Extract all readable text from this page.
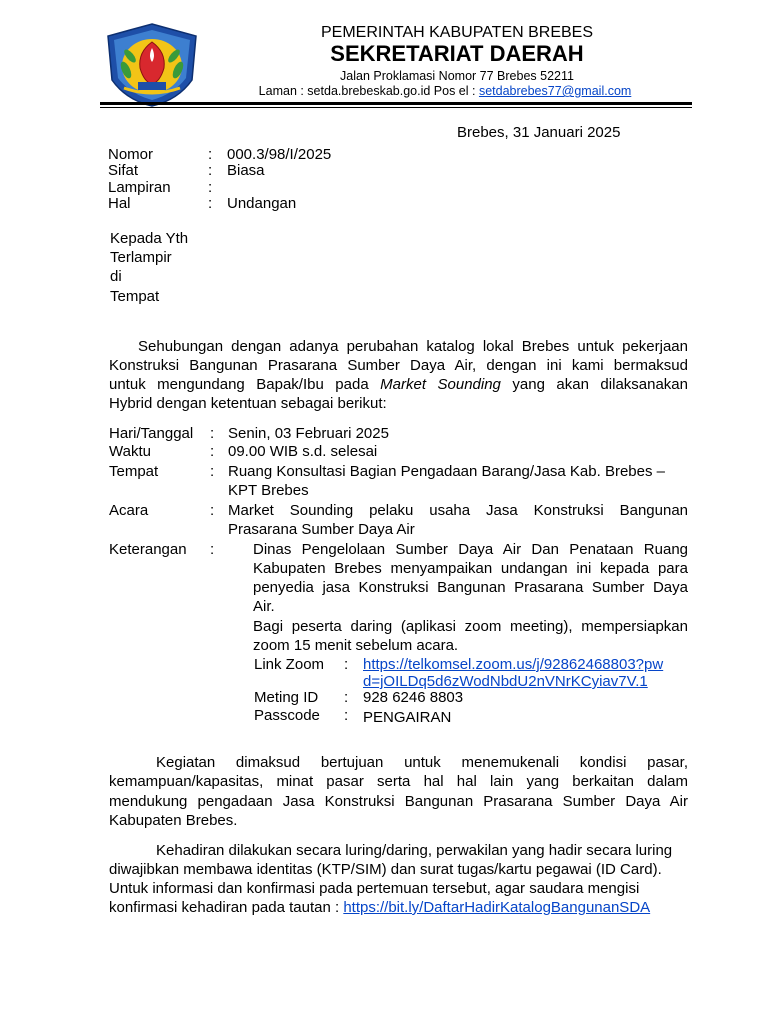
PEMERINTAH KABUPATEN BREBES
SEKRETARIAT DAERAH
Jalan Proklamasi Nomor 77 Brebes 52211
Laman : setda.brebeskab.go.id Pos el : setdabrebes77@gmail.com
Brebes, 31 Januari 2025
Nomor	: 000.3/98/I/2025
Sifat	: Biasa
Lampiran :
Hal	: Undangan
Kepada Yth
Terlampir
di
Tempat
Sehubungan dengan adanya perubahan katalog lokal Brebes untuk pekerjaan
Konstruksi Bangunan Prasarana Sumber Daya Air, dengan ini kami bermaksud
untuk mengundang Bapak/Ibu pada Market Sounding yang akan dilaksanakan
Hybrid dengan ketentuan sebagai berikut:
Hari/Tanggal : Senin, 03 Februari 2025
Waktu	: 09.00 WIB s.d. selesai
Tempat	: Ruang Konsultasi Bagian Pengadaan Barang/Jasa Kab. Brebes –
KPT Brebes
Acara	: Market Sounding pelaku usaha Jasa Konstruksi Bangunan
Prasarana Sumber Daya Air
Keterangan :	Dinas Pengelolaan Sumber Daya Air Dan Penataan Ruang
Kabupaten Brebes menyampaikan undangan ini kepada para
penyedia jasa Konstruksi Bangunan Prasarana Sumber Daya
Air.
Bagi peserta daring (aplikasi zoom meeting), mempersiapkan
zoom 15 menit sebelum acara.
Link Zoom : https://telkomsel.zoom.us/j/92862468803?pw
d=jOILDq5d6zWodNbdU2nVNrKCyiav7V.1
Meting ID : 928 6246 8803
Passcode : PENGAIRAN
Kegiatan dimaksud bertujuan untuk menemukenali kondisi pasar,
kemampuan/kapasitas, minat pasar serta hal hal lain yang berkaitan dalam
mendukung pengadaan Jasa Konstruksi Bangunan Prasarana Sumber Daya Air
Kabupaten Brebes.
Kehadiran dilakukan secara luring/daring, perwakilan yang hadir secara luring
diwajibkan membawa identitas (KTP/SIM) dan surat tugas/kartu pegawai (ID Card).
Untuk informasi dan konfirmasi pada pertemuan tersebut, agar saudara mengisi
konfirmasi kehadiran pada tautan : https://bit.ly/DaftarHadirKatalogBangunanSDA
